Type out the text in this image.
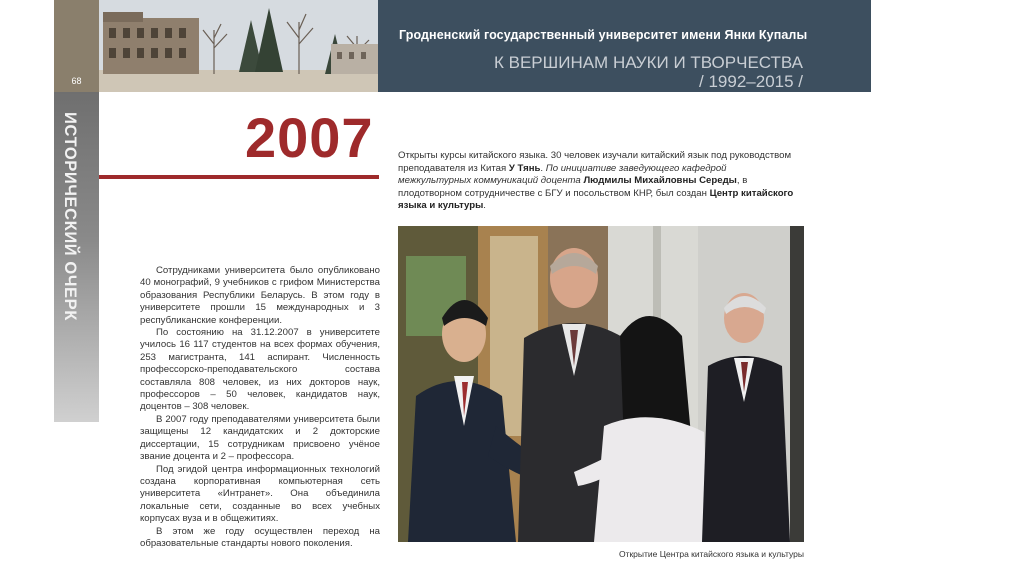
68
Гродненский государственный университет имени Янки Купалы
К ВЕРШИНАМ НАУКИ И ТВОРЧЕСТВА
/ 1992–2015 /
ИСТОРИЧЕСКИЙ ОЧЕРК	2007	Открыты курсы китайского языка. 30 человек изучали китайский язык под руководством преподавателя из Китая У Тянь. По инициативе заведующего кафедрой межкультурных коммуникаций доцента Людмилы Михайловны Середы, в плодотворном сотрудничестве с БГУ и посольством КНР, был создан Центр китайского языка и культуры.

Сотрудниками университета было опубликовано 40 монографий, 9 учебников с грифом Министерства образования Республики Беларусь. В этом году в университете прошли 15 международных и 3 республиканские конференции.

По состоянию на 31.12.2007 в университете училось 16 117 студентов на всех формах обучения, 253 магистранта, 141 аспирант. Численность профессорско-преподавательского состава составляла 808 человек, из них докторов наук, профессоров – 50 человек, кандидатов наук, доцентов – 308 человек.

В 2007 году преподавателями университета были защищены 12 кандидатских и 2 докторские диссертации, 15 сотрудникам присвоено учёное звание доцента и 2 – профессора.

Под эгидой центра информационных технологий создана корпоративная компьютерная сеть университета «Интранет». Она объединила локальные сети, созданные во всех учебных корпусах вуза и в общежитиях.

В этом же году осуществлен переход на образовательные стандарты нового поколения.

Открытие Центра китайского языка и культуры
